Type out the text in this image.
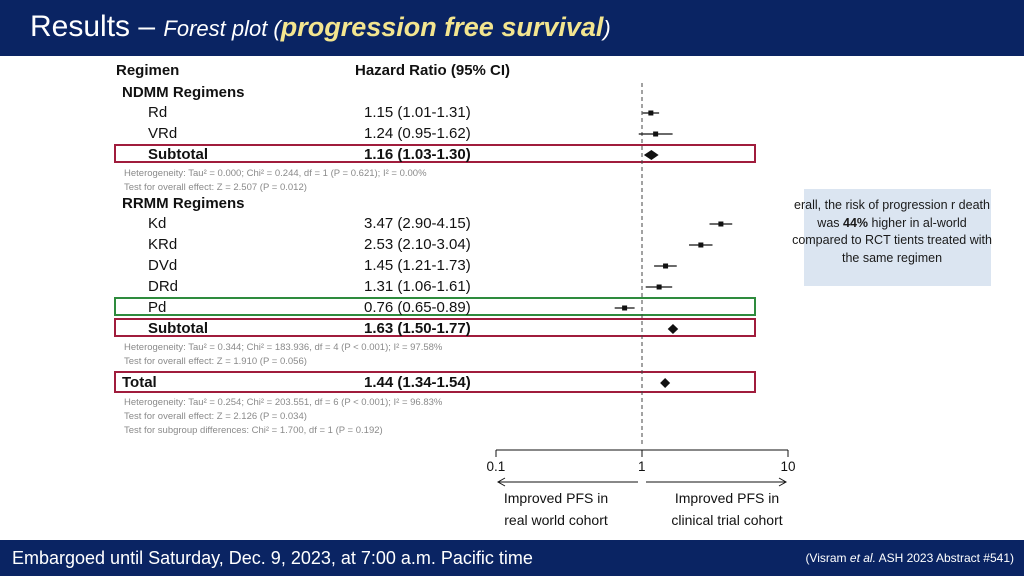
Results – Forest plot (progression free survival)
Regimen	Hazard Ratio (95% CI)
NDMM Regimens
Rd	1.15 (1.01-1.31)
VRd	1.24 (0.95-1.62)
Subtotal	1.16 (1.03-1.30)
Heterogeneity: Tau² = 0.000; Chi² = 0.244, df = 1 (P = 0.621); I² = 0.00%
Test for overall effect: Z = 2.507 (P = 0.012)
RRMM Regimens
Kd	3.47 (2.90-4.15)
KRd	2.53 (2.10-3.04)
DVd	1.45 (1.21-1.73)
DRd	1.31 (1.06-1.61)
Pd	0.76 (0.65-0.89)
Subtotal	1.63 (1.50-1.77)
Heterogeneity: Tau² = 0.344; Chi² = 183.936, df = 4 (P < 0.001); I² = 97.58%
Test for overall effect: Z = 1.910 (P = 0.056)
Total	1.44 (1.34-1.54)
Heterogeneity: Tau² = 0.254; Chi² = 203.551, df = 6 (P < 0.001); I² = 96.83%
Test for overall effect: Z = 2.126 (P = 0.034)
Test for subgroup differences: Chi² = 1.700, df = 1 (P = 0.192)
0.1	1	10
Improved PFS in
real world cohort
Improved PFS in
clinical trial cohort
erall, the risk of progression r death was 44% higher in al-world compared to RCT tients treated with the same regimen
Embargoed until Saturday, Dec. 9, 2023, at 7:00 a.m. Pacific time	(Visram et al. ASH 2023 Abstract #541)
